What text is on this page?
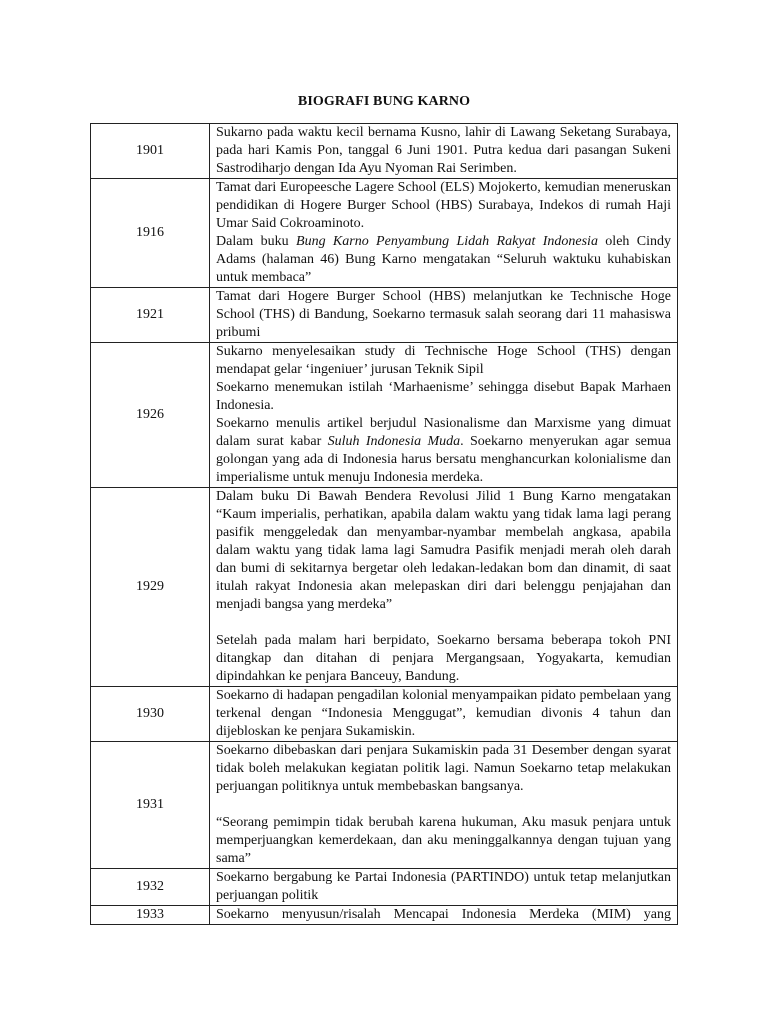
BIOGRAFI BUNG KARNO
1901	Sukarno pada waktu kecil bernama Kusno, lahir di Lawang Seketang Surabaya, pada hari Kamis Pon, tanggal 6 Juni 1901. Putra kedua dari pasangan Sukeni Sastrodiharjo dengan Ida Ayu Nyoman Rai Serimben.

1916	Tamat dari Europeesche Lagere School (ELS) Mojokerto, kemudian meneruskan pendidikan di Hogere Burger School (HBS) Surabaya, Indekos di rumah Haji Umar Said Cokroaminoto.
Dalam buku Bung Karno Penyambung Lidah Rakyat Indonesia oleh Cindy Adams (halaman 46) Bung Karno mengatakan “Seluruh waktuku kuhabiskan untuk membaca”

1921	Tamat dari Hogere Burger School (HBS) melanjutkan ke Technische Hoge School (THS) di Bandung, Soekarno termasuk salah seorang dari 11 mahasiswa pribumi

1926	Sukarno menyelesaikan study di Technische Hoge School (THS) dengan mendapat gelar ‘ingeniuer’ jurusan Teknik Sipil
Soekarno menemukan istilah ‘Marhaenisme’ sehingga disebut Bapak Marhaen Indonesia.
Soekarno menulis artikel berjudul Nasionalisme dan Marxisme yang dimuat dalam surat kabar Suluh Indonesia Muda. Soekarno menyerukan agar semua golongan yang ada di Indonesia harus bersatu menghancurkan kolonialisme dan imperialisme untuk menuju Indonesia merdeka.

1929	Dalam buku Di Bawah Bendera Revolusi Jilid 1 Bung Karno mengatakan “Kaum imperialis, perhatikan, apabila dalam waktu yang tidak lama lagi perang pasifik menggeledak dan menyambar-nyambar membelah angkasa, apabila dalam waktu yang tidak lama lagi Samudra Pasifik menjadi merah oleh darah dan bumi di sekitarnya bergetar oleh ledakan-ledakan bom dan dinamit, di saat itulah rakyat Indonesia akan melepaskan diri dari belenggu penjajahan dan menjadi bangsa yang merdeka”
Setelah pada malam hari berpidato, Soekarno bersama beberapa tokoh PNI ditangkap dan ditahan di penjara Mergangsaan, Yogyakarta, kemudian dipindahkan ke penjara Banceuy, Bandung.

1930	Soekarno di hadapan pengadilan kolonial menyampaikan pidato pembelaan yang terkenal dengan “Indonesia Menggugat”, kemudian divonis 4 tahun dan dijebloskan ke penjara Sukamiskin.

1931	Soekarno dibebaskan dari penjara Sukamiskin pada 31 Desember dengan syarat tidak boleh melakukan kegiatan politik lagi. Namun Soekarno tetap melakukan perjuangan politiknya untuk membebaskan bangsanya.
“Seorang pemimpin tidak berubah karena hukuman, Aku masuk penjara untuk memperjuangkan kemerdekaan, dan aku meninggalkannya dengan tujuan yang sama”

1932	Soekarno bergabung ke Partai Indonesia (PARTINDO) untuk tetap melanjutkan perjuangan politik

1933	Soekarno menyusun/risalah Mencapai Indonesia Merdeka (MIM) yang
